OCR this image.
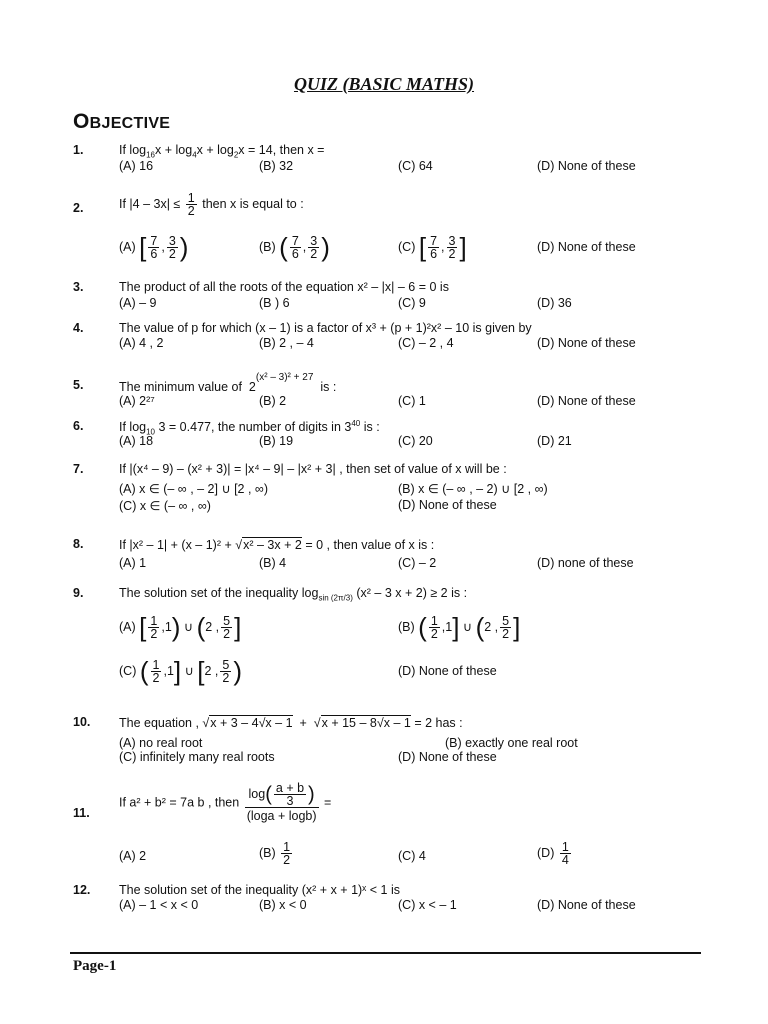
QUIZ (BASIC MATHS)
OBJECTIVE
1.	If $\log_{16}x + \log_4x + \log_2x = 14$, then x =
(A) 16	(B) 32	(C) 64	(D) None of these
2.	If $|4 - 3x| \le \frac{1}{2}$ then x is equal to :
(A) [ $\frac{7}{6}$ , $\frac{3}{2}$ )	(B) ( $\frac{7}{6}$ , $\frac{3}{2}$ )	(C) [ $\frac{7}{6}$ , $\frac{3}{2}$ ]	(D) None of these
3.	The product of all the roots of the equation x² – |x| – 6 = 0 is
(A) – 9	(B ) 6	(C) 9	(D) 36
4.	The value of p for which (x – 1) is a factor of x³ + (p + 1)²x² – 10 is given by
(A) 4 , 2	(B) 2 , – 4	(C) – 2 , 4	(D) None of these
5.	The minimum value of $2^{(x^2 - 3)^2 + 27}$  is :
(A) 2²⁷	(B) 2	(C) 1	(D) None of these
6.	If $\log_{10} 3 = 0.477$, the number of digits in $3^{40}$ is :
(A) 18	(B) 19	(C) 20	(D) 21
7.	If |(x⁴ – 9) – (x² + 3)| = |x⁴ – 9| – |x² + 3| , then set of value of x will be :
(A) x ∈ (– ∞ , – 2] ∪ [2 , ∞)	(B) x ∈ (– ∞ , – 2) ∪ [2 , ∞)
(C) x ∈ (– ∞ , ∞)	(D) None of these
8.	If |x² – 1| + (x – 1)² + √x² – 3x + 2 = 0 , then value of x is :
(A) 1	(B) 4	(C) – 2	(D) none of these
9.	The solution set of the inequality $\log_{sin (2\pi/3)} (x^2 - 3$ x + 2) ≥ 2 is :
(A) [ $\frac{1}{2} ,1$) ∪ (2 , $\frac{5}{2}$ ]	(B) ( $\frac{1}{2} ,1$] ∪ (2 , $\frac{5}{2}$ ]
(C) ( $\frac{1}{2} ,1$] ∪ [2 , $\frac{5}{2}$ )	(D) None of these
10. The equation , √x + 3 – 4√x – 1 +  √x + 15 – 8√x – 1 = 2 has :
(A) no real root	(B) exactly one real root
(C) infinitely many real roots	(D) None of these
11.
If a² + b² = 7a b , then $\frac{\log( \frac{a + b}{3} )}{(\log a + \log b)}$ =
(A) 2	$(B) \frac{1}{2}$	(C) 4	$(D) \frac{1}{4}$
12. The solution set of the inequality (x² + x + 1)ˣ < 1 is
(A) – 1 < x < 0	(B) x < 0	(C) x < – 1	(D) None of these
Page-1
